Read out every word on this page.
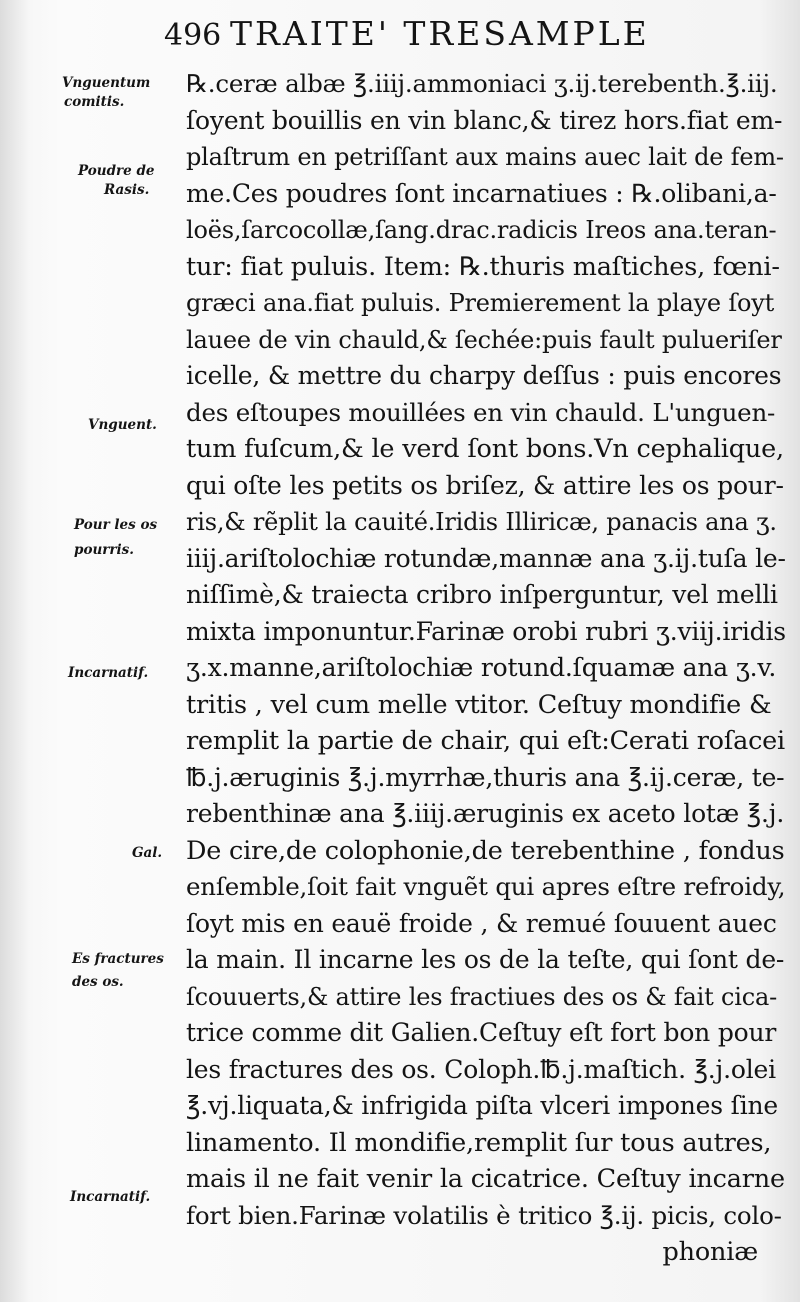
496 TRAITE' TRESAMPLE
Vnguentum
comitis.
Poudre de
Rasis.
Vnguent.
Pour les os
pourris.
Incarnatif.
Gal.
Es fractures
des os.
Incarnatif.
℞.ceræ albæ ℥.iiij.ammoniaci ʒ.ij.terebenth.℥.iij.
ſoyent bouillis en vin blanc,& tirez hors.fiat em-
plaſtrum en petriſſant aux mains auec lait de fem-
me.Ces poudres ſont incarnatiues : ℞.olibani,a-
loës,ſarcocollæ,ſang.drac.radicis Ireos ana.teran-
tur: fiat puluis. Item: ℞.thuris maſtiches, fœni-
græci ana.fiat puluis. Premierement la playe ſoyt
lauee de vin chauld,& ſechée:puis fault pulueriſer
icelle, & mettre du charpy deſſus : puis encores
des eſtoupes mouillées en vin chauld. L'unguen-
tum fuſcum,& le verd ſont bons.Vn cephalique,
qui oſte les petits os briſez, & attire les os pour-
ris,& rẽplit la cauité.Iridis Illiricæ, panacis ana ʒ.
iiij.ariſtolochiæ rotundæ,mannæ ana ʒ.ij.tuſa le-
niſſimè,& traiecta cribro inſperguntur, vel melli
mixta imponuntur.Farinæ orobi rubri ʒ.viij.iridis
ʒ.x.manne,ariſtolochiæ rotund.ſquamæ ana ʒ.v.
tritis , vel cum melle vtitor. Ceſtuy mondifie &
remplit la partie de chair, qui eſt:Cerati roſacei
℔.j.æruginis ℥.j.myrrhæ,thuris ana ℥.ij.ceræ, te-
rebenthinæ ana ℥.iiij.æruginis ex aceto lotæ ℥.j.
De cire,de colophonie,de terebenthine , fondus
enſemble,ſoit fait vnguẽt qui apres eſtre refroidy,
ſoyt mis en eauë froide , & remué ſouuent auec
la main. Il incarne les os de la teſte, qui ſont de-
ſcouuerts,& attire les fractiues des os & fait cica-
trice comme dit Galien.Ceſtuy eſt fort bon pour
les fractures des os. Coloph.℔.j.maſtich. ℥.j.olei
℥.vj.liquata,& infrigida piſta vlceri impones ſine
linamento. Il mondifie,remplit ſur tous autres,
mais il ne fait venir la cicatrice. Ceſtuy incarne
fort bien.Farinæ volatilis è tritico ℥.ij. picis, colo-
phoniæ
